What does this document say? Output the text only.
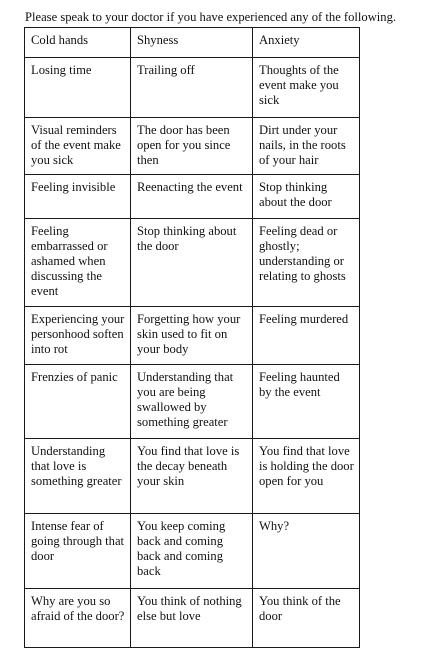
Please speak to your doctor if you have experienced any of the following.
Cold hands	Shyness	Anxiety
Losing time	Trailing off	Thoughts of the event make you sick
Visual reminders of the event make you sick	The door has been open for you since then	Dirt under your nails, in the roots of your hair
Feeling invisible	Reenacting the event	Stop thinking about the door
Feeling embarrassed or ashamed when discussing the event	Stop thinking about the door	Feeling dead or ghostly; understanding or relating to ghosts
Experiencing your personhood soften into rot	Forgetting how your skin used to fit on your body	Feeling murdered
Frenzies of panic	Understanding that you are being swallowed by something greater	Feeling haunted by the event
Understanding that love is something greater	You find that love is the decay beneath your skin	You find that love is holding the door open for you
Intense fear of going through that door	You keep coming back and coming back and coming back	Why?
Why are you so afraid of the door?	You think of nothing else but love	You think of the door
